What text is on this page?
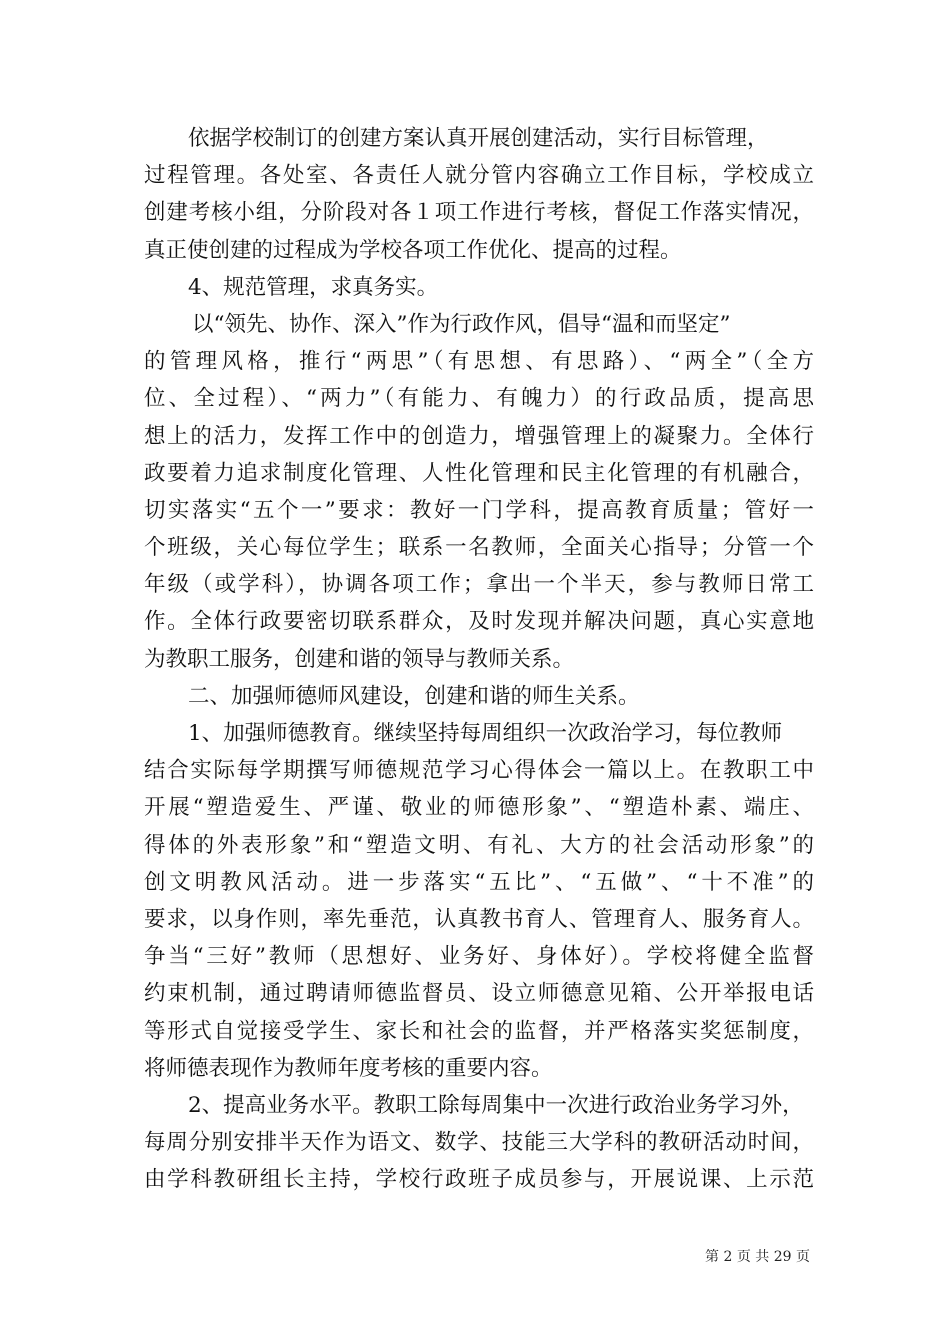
依据学校制订的创建方案认真开展创建活动，实行目标管理，
过程管理。各处室、各责任人就分管内容确立工作目标，学校成立
创建考核小组，分阶段对各１项工作进行考核，督促工作落实情况，
真正使创建的过程成为学校各项工作优化、提高的过程。
4、规范管理，求真务实。
以“领先、协作、深入”作为行政作风，倡导“温和而坚定”
的管理风格，推行“两思”（有思想、有思路）、“两全”（全方
位、全过程）、“两力”（有能力、有魄力）的行政品质，提高思
想上的活力，发挥工作中的创造力，增强管理上的凝聚力。全体行
政要着力追求制度化管理、人性化管理和民主化管理的有机融合，
切实落实“五个一”要求：教好一门学科，提高教育质量；管好一
个班级，关心每位学生；联系一名教师，全面关心指导；分管一个
年级（或学科），协调各项工作；拿出一个半天，参与教师日常工
作。全体行政要密切联系群众，及时发现并解决问题，真心实意地
为教职工服务，创建和谐的领导与教师关系。
二、加强师德师风建设，创建和谐的师生关系。
1、加强师德教育。继续坚持每周组织一次政治学习，每位教师
结合实际每学期撰写师德规范学习心得体会一篇以上。在教职工中
开展“塑造爱生、严谨、敬业的师德形象”、“塑造朴素、端庄、
得体的外表形象”和“塑造文明、有礼、大方的社会活动形象”的
创文明教风活动。进一步落实“五比”、“五做”、“十不准”的
要求，以身作则，率先垂范，认真教书育人、管理育人、服务育人。
争当“三好”教师（思想好、业务好、身体好）。学校将健全监督
约束机制，通过聘请师德监督员、设立师德意见箱、公开举报电话
等形式自觉接受学生、家长和社会的监督，并严格落实奖惩制度，
将师德表现作为教师年度考核的重要内容。
2、提高业务水平。教职工除每周集中一次进行政治业务学习外，
每周分别安排半天作为语文、数学、技能三大学科的教研活动时间，
由学科教研组长主持，学校行政班子成员参与，开展说课、上示范
第 2 页 共 29 页
